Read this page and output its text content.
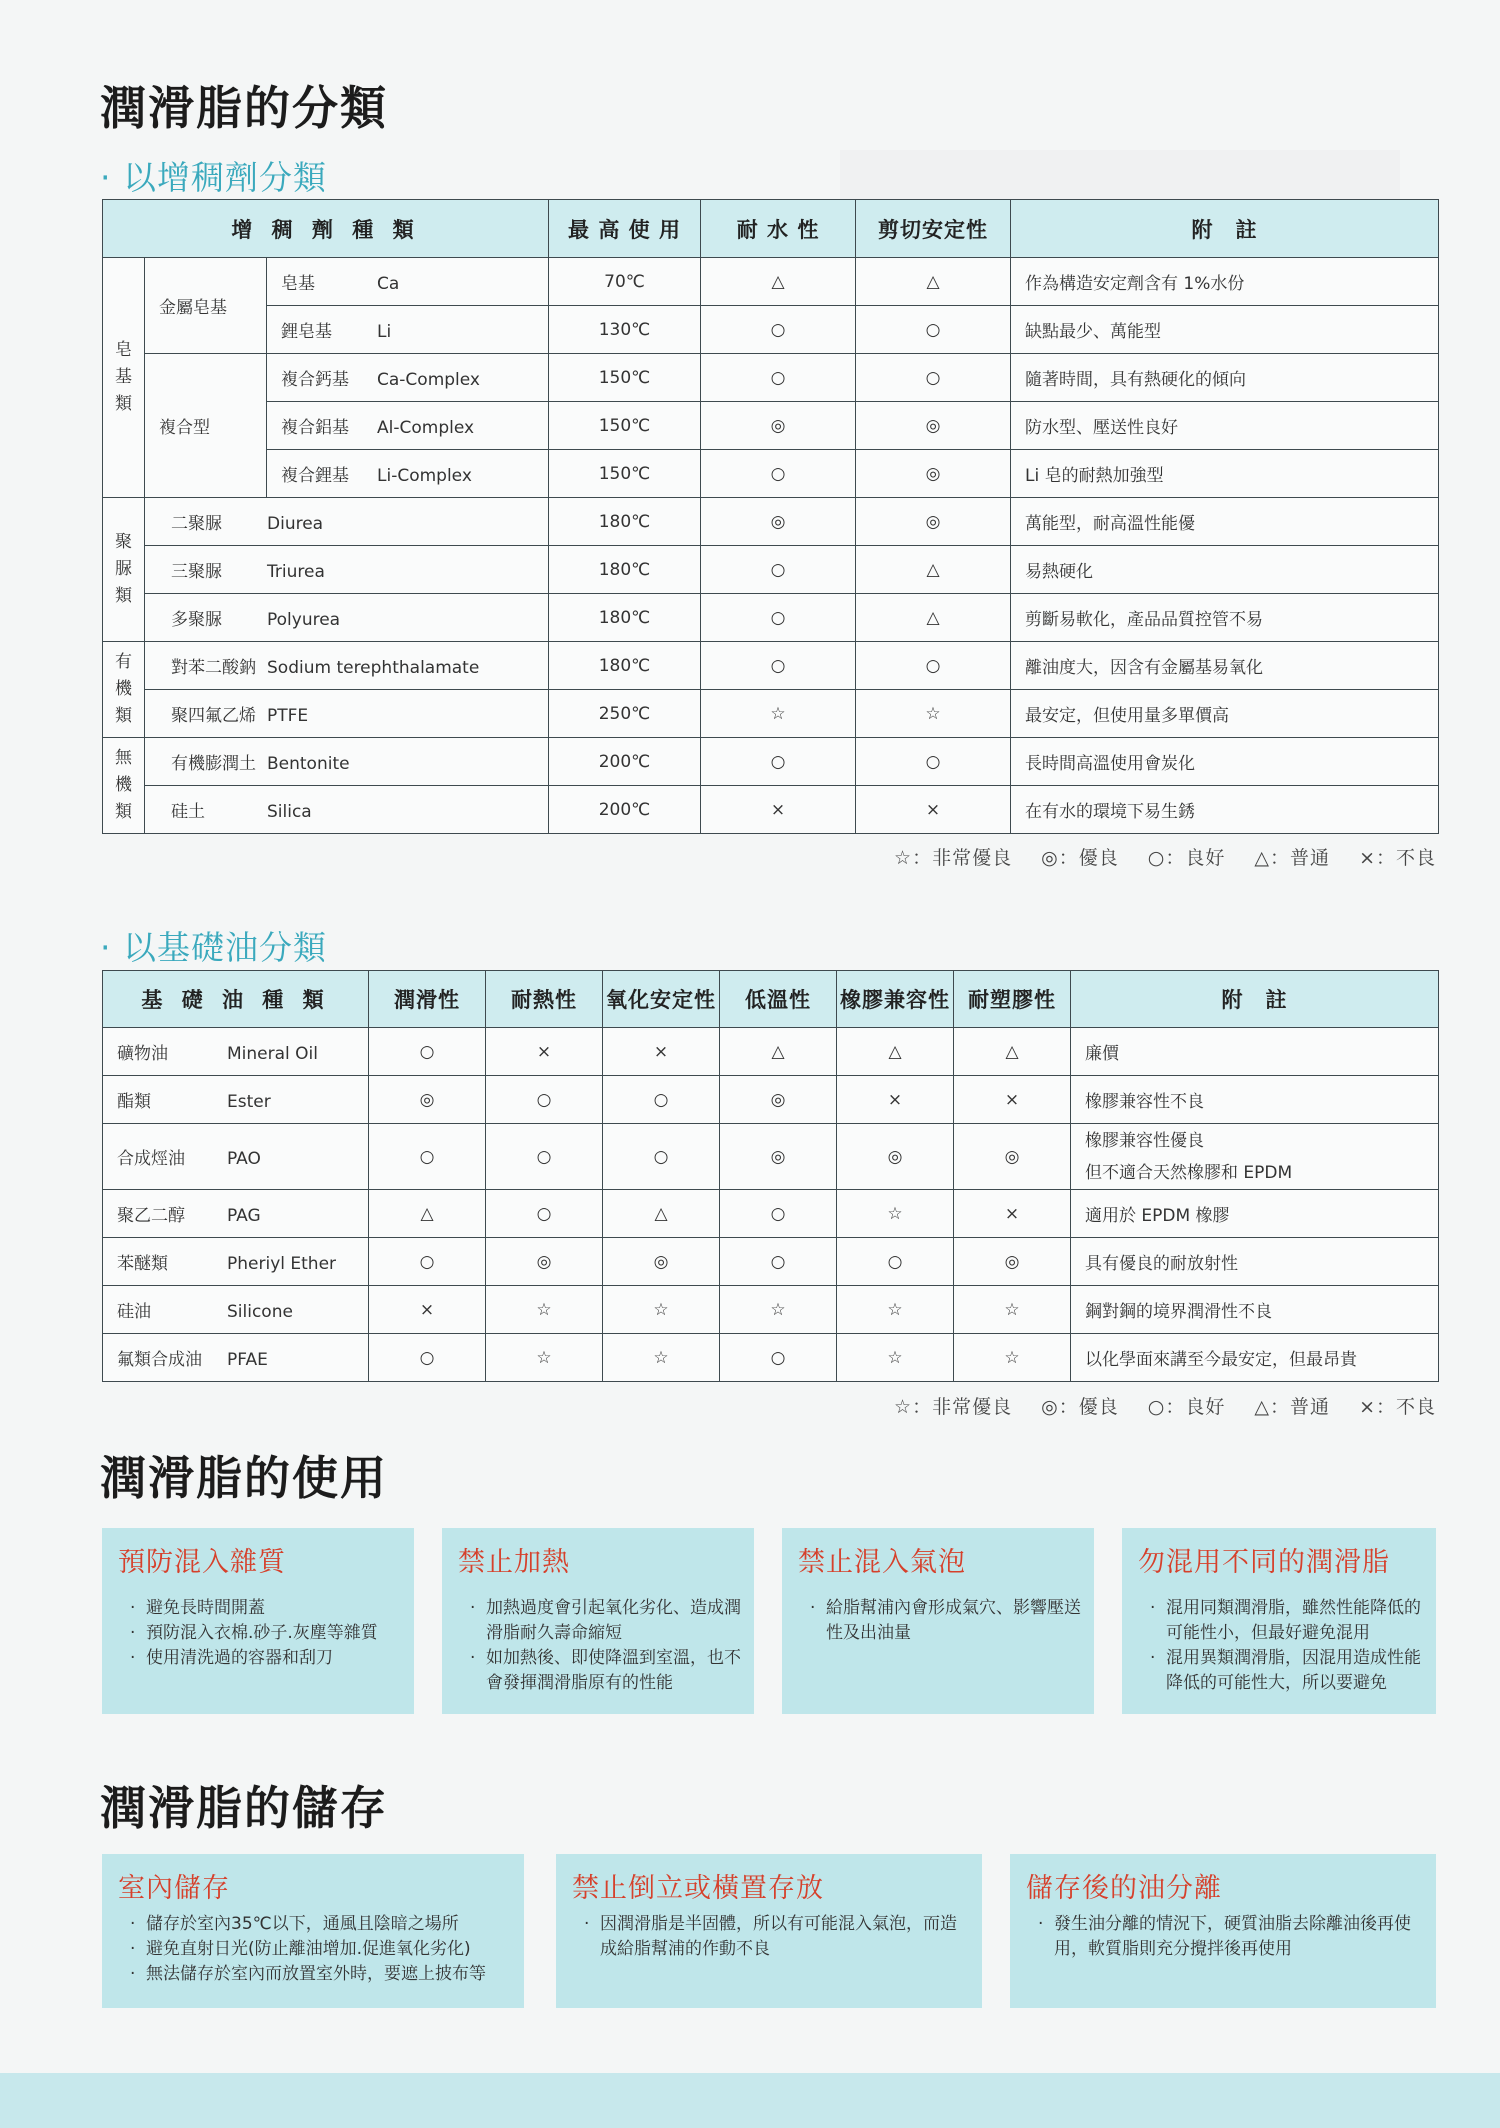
潤滑脂的分類
· 以增稠劑分類
增 稠 劑 種 類			最 高 使 用	耐 水 性	剪切安定性	附　註
皂
基
類	金屬皂基	皂基 Ca	70℃	△	△	作為構造安定劑含有 1%水份
		鋰皂基 Li	130℃	○	○	缺點最少、萬能型
	複合型	複合鈣基 Ca-Complex	150℃	○	○	隨著時間，具有熱硬化的傾向
		複合鋁基 Al-Complex	150℃	◎	◎	防水型、壓送性良好
		複合鋰基 Li-Complex	150℃	○	◎	Li 皂的耐熱加強型
聚
脲
類	二聚脲 Diurea		180℃	◎	◎	萬能型，耐高溫性能優
	三聚脲 Triurea		180℃	○	△	易熱硬化
	多聚脲 Polyurea		180℃	○	△	剪斷易軟化，產品品質控管不易
有
機
類	對苯二酸鈉 Sodium terephthalamate		180℃	○	○	離油度大，因含有金屬基易氧化
	聚四氟乙烯 PTFE		250℃	☆	☆	最安定，但使用量多單價高
無
機
類	有機膨潤土 Bentonite		200℃	○	○	長時間高溫使用會炭化
	硅土 Silica		200℃	×	×	在有水的環境下易生銹
☆：非常優良 ◎：優良 ○：良好 △：普通 ×：不良
· 以基礎油分類
基 礎 油 種 類	潤滑性	耐熱性	氧化安定性	低溫性	橡膠兼容性	耐塑膠性	附　註
礦物油 Mineral Oil	○	×	×	△	△	△	廉價
酯類 Ester	◎	○	○	◎	×	×	橡膠兼容性不良
合成烴油 PAO	○	○	○	◎	◎	◎	橡膠兼容性優良
但不適合天然橡膠和 EPDM

聚乙二醇 PAG	△	○	△	○	☆	×	適用於 EPDM 橡膠
苯醚類 Pheriyl Ether	○	◎	◎	○	○	◎	具有優良的耐放射性
硅油 Silicone	×	☆	☆	☆	☆	☆	鋼對鋼的境界潤滑性不良
氟類合成油 PFAE	○	☆	☆	○	☆	☆	以化學面來講至今最安定，但最昂貴
☆：非常優良 ◎：優良 ○：良好 △：普通 ×：不良
潤滑脂的使用
預防混入雜質
· 避免長時間開蓋
· 預防混入衣棉.砂子.灰塵等雜質
· 使用清洗過的容器和刮刀
禁止加熱
· 加熱過度會引起氧化劣化、造成潤滑脂耐久壽命縮短
· 如加熱後、即使降溫到室溫，也不會發揮潤滑脂原有的性能
禁止混入氣泡
· 給脂幫浦內會形成氣穴、影響壓送性及出油量
勿混用不同的潤滑脂
· 混用同類潤滑脂，雖然性能降低的可能性小，但最好避免混用
· 混用異類潤滑脂，因混用造成性能降低的可能性大，所以要避免
潤滑脂的儲存
室內儲存
· 儲存於室內35℃以下，通風且陰暗之場所
· 避免直射日光(防止離油增加.促進氧化劣化)
· 無法儲存於室內而放置室外時，要遮上披布等
禁止倒立或橫置存放
· 因潤滑脂是半固體，所以有可能混入氣泡，而造成給脂幫浦的作動不良
儲存後的油分離
· 發生油分離的情況下，硬質油脂去除離油後再使用，軟質脂則充分攪拌後再使用
